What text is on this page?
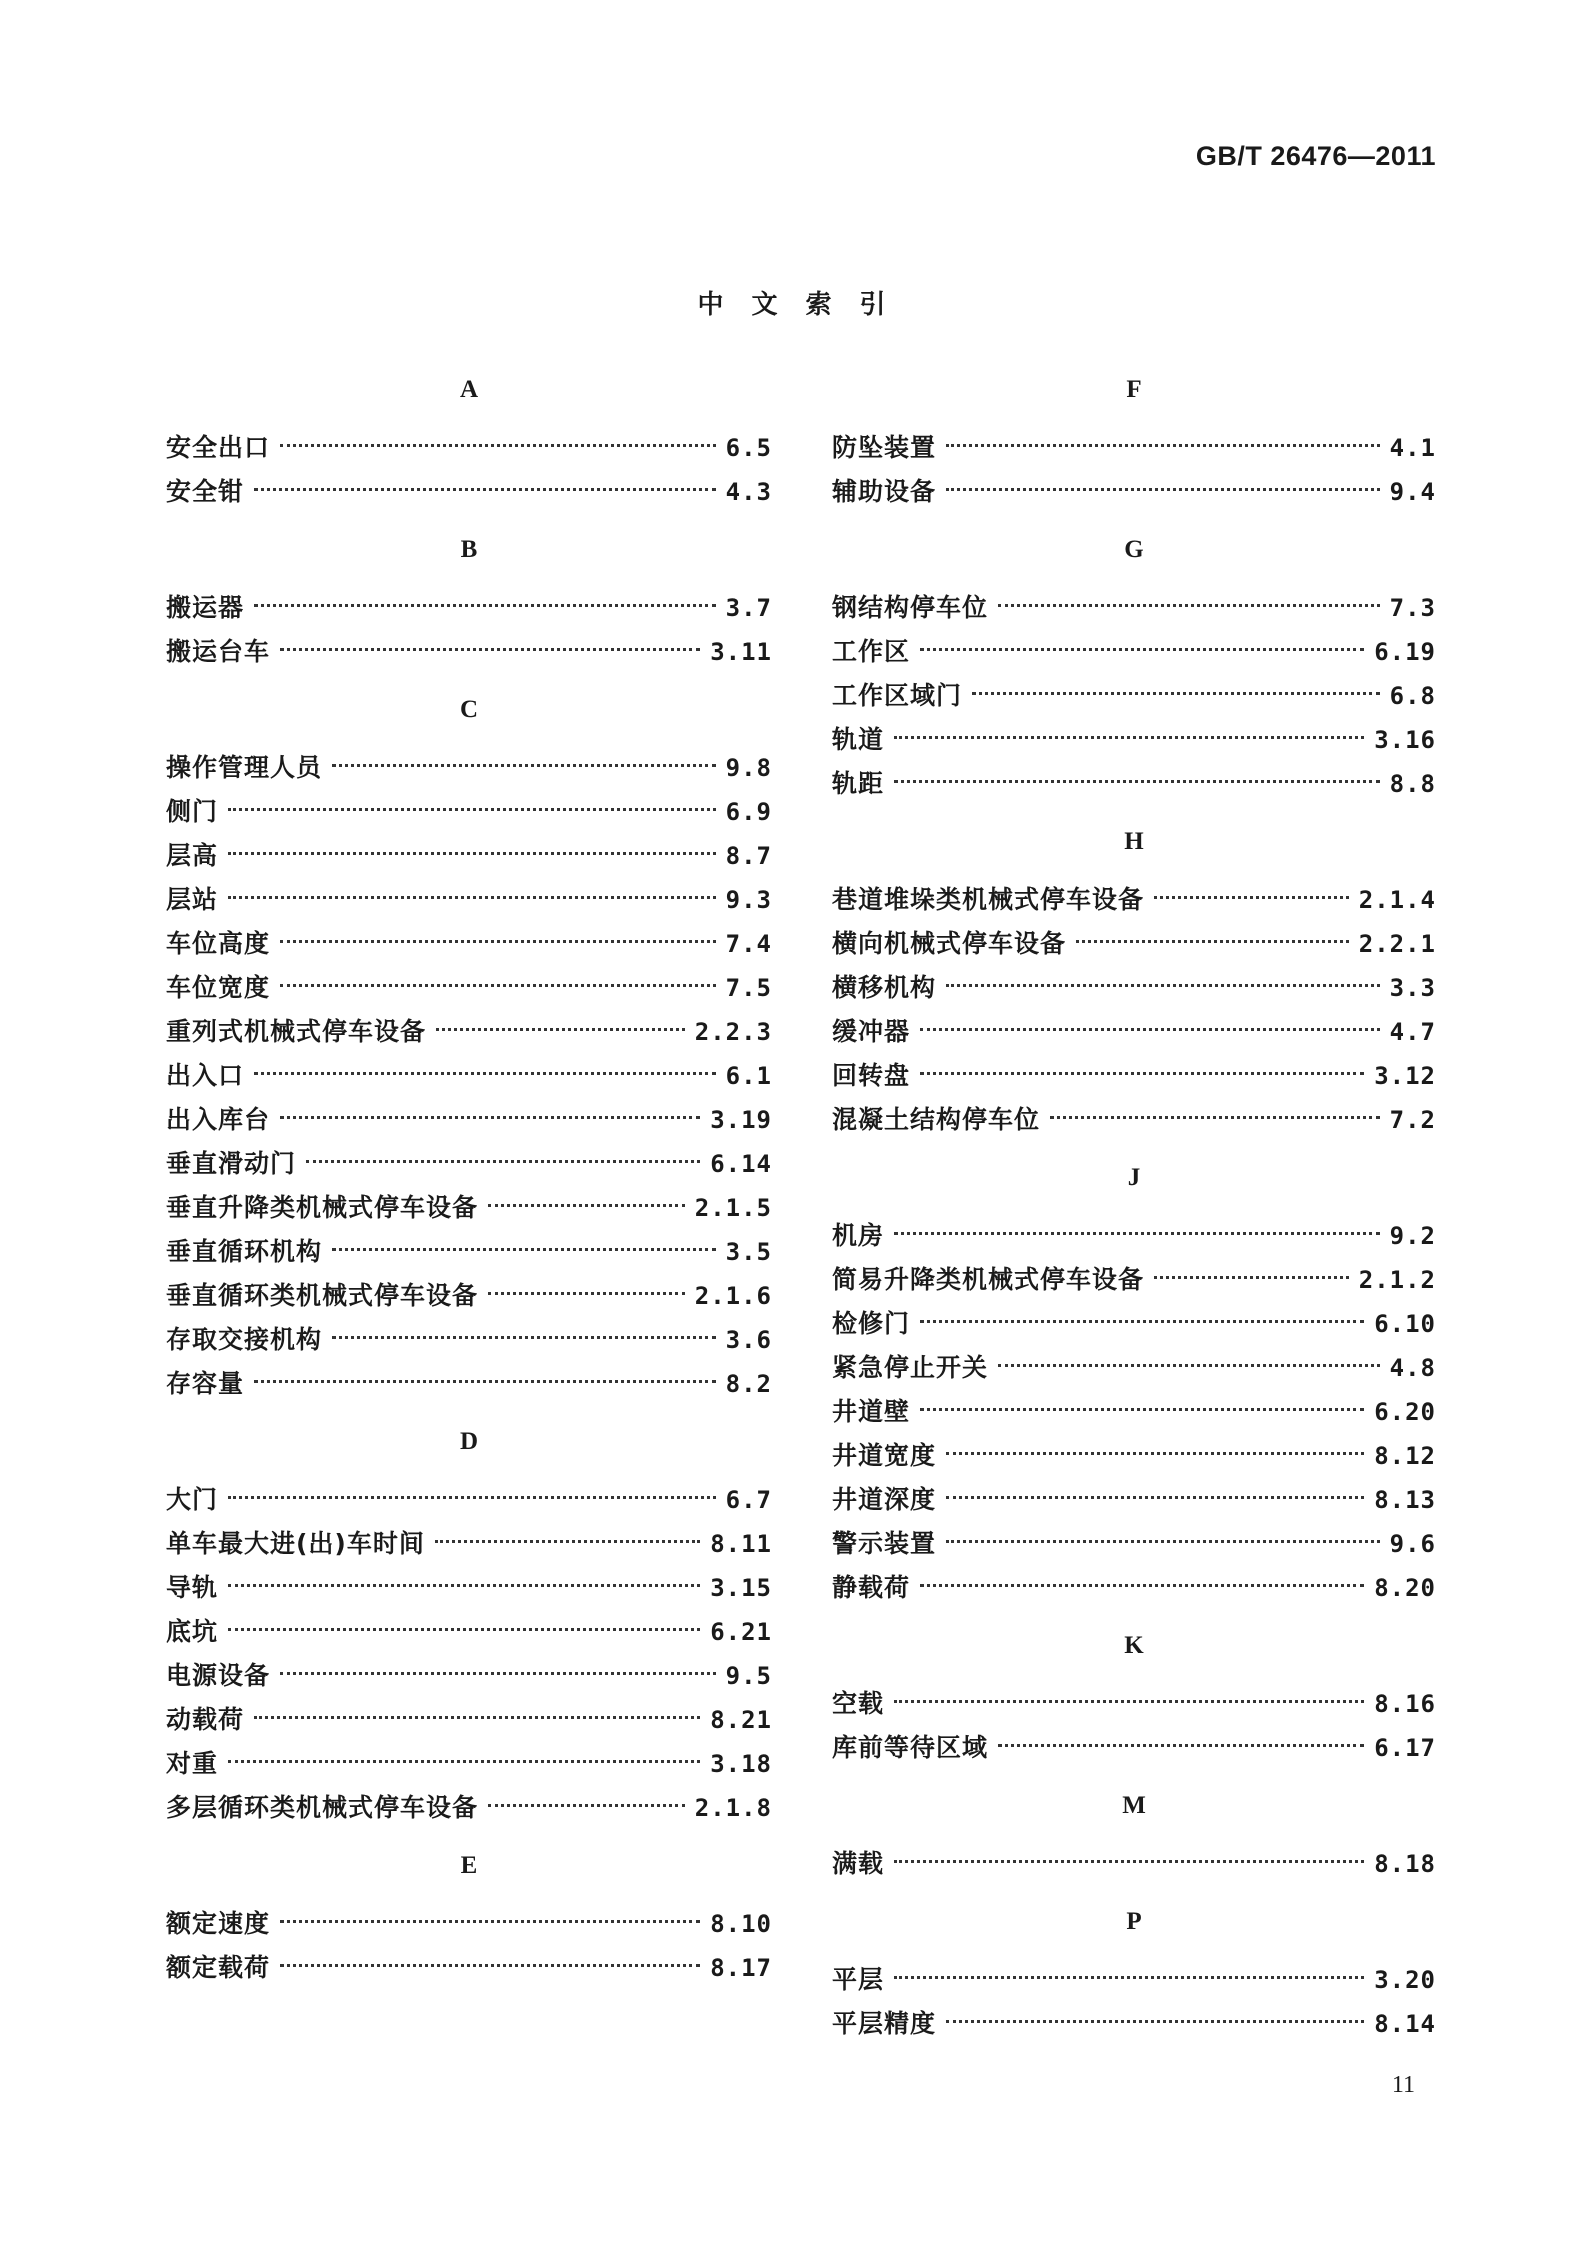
GB/T 26476—2011
中文索引
A
安全出口	6.5
安全钳	4.3
B
搬运器	3.7
搬运台车	3.11
C
操作管理人员	9.8
侧门	6.9
层高	8.7
层站	9.3
车位高度	7.4
车位宽度	7.5
重列式机械式停车设备	2.2.3
出入口	6.1
出入库台	3.19
垂直滑动门	6.14
垂直升降类机械式停车设备	2.1.5
垂直循环机构	3.5
垂直循环类机械式停车设备	2.1.6
存取交接机构	3.6
存容量	8.2
D
大门	6.7
单车最大进(出)车时间	8.11
导轨	3.15
底坑	6.21
电源设备	9.5
动载荷	8.21
对重	3.18
多层循环类机械式停车设备	2.1.8
E
额定速度	8.10
额定载荷	8.17
F
防坠装置	4.1
辅助设备	9.4
G
钢结构停车位	7.3
工作区	6.19
工作区域门	6.8
轨道	3.16
轨距	8.8
H
巷道堆垛类机械式停车设备	2.1.4
横向机械式停车设备	2.2.1
横移机构	3.3
缓冲器	4.7
回转盘	3.12
混凝土结构停车位	7.2
J
机房	9.2
简易升降类机械式停车设备	2.1.2
检修门	6.10
紧急停止开关	4.8
井道壁	6.20
井道宽度	8.12
井道深度	8.13
警示装置	9.6
静载荷	8.20
K
空载	8.16
库前等待区域	6.17
M
满载	8.18
P
平层	3.20
平层精度	8.14
11
